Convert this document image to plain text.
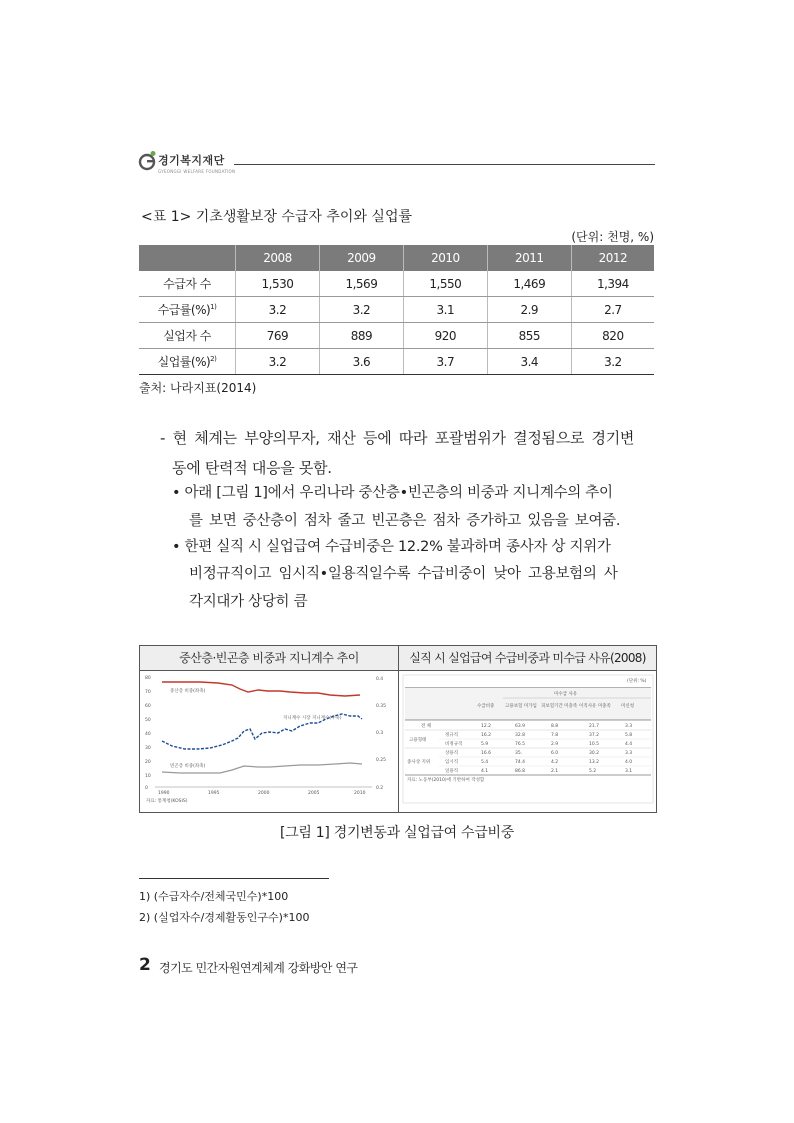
경기복지재단
GYEONGGI WELFARE FOUNDATION
<표 1> 기초생활보장 수급자 추이와 실업률
(단위: 천명, %)
	2008	2009	2010	2011	2012
수급자 수	1,530	1,569	1,550	1,469	1,394
수급률(%)$^{1)}$	3.2	3.2	3.1	2.9	2.7
실업자 수	769	889	920	855	820
실업률(%)$^{2)}$	3.2	3.6	3.7	3.4	3.2
출처: 나라지표(2014)
- 현 체계는 부양의무자, 재산 등에 따라 포괄범위가 결정됨으로 경기변
동에 탄력적 대응을 못함.
• 아래 [그림 1]에서 우리나라 중산층•빈곤층의 비중과 지니계수의 추이
를 보면 중산층이 점차 줄고 빈곤층은 점차 증가하고 있음을 보여줌.
• 한편 실직 시 실업급여 수급비중은 12.2% 불과하며 종사자 상 지위가
비정규직이고 임시직•일용직일수록 수급비중이 낮아 고용보험의 사
각지대가 상당히 큼
중산층·빈곤층 비중과 지니계수 추이	실직 시 실업급여 수급비중과 미수급 사유(2008)
80
70
60
50
40
30
20
10
0
0.4
0.35
0.3
0.25
0.2
중산층 비중(좌축)
지니계수 시장 지니계수(우축)
빈곤층 비중(좌축)
1990	1995	2000	2005	2010
자료: 통계청(KOSIS)
(단위: %)
수급비중
미수급 사유
고용보험 미가입 피보험기간 미충족 이직사유 미충족 미신청
전 체	12.2	63.9	8.8	21.7	3.3
고용형태
정규직	16.2	32.8	7.8	37.2	5.8
비정규직	5.9	76.5	2.9	10.5	4.4
종사상 지위
상용직	16.6	35.	6.0	30.2	3.3
임시직	5.4	74.4	4.2	13.2	4.0
일용직	4.1	86.8	2.1	5.2	3.1
자료: 노동부(2010)에 기반하여 작성함
[그림 1] 경기변동과 실업급여 수급비중
1) (수급자수/전체국민수)*100
2) (실업자수/경제활동인구수)*100
2 경기도 민간자원연계체계 강화방안 연구
